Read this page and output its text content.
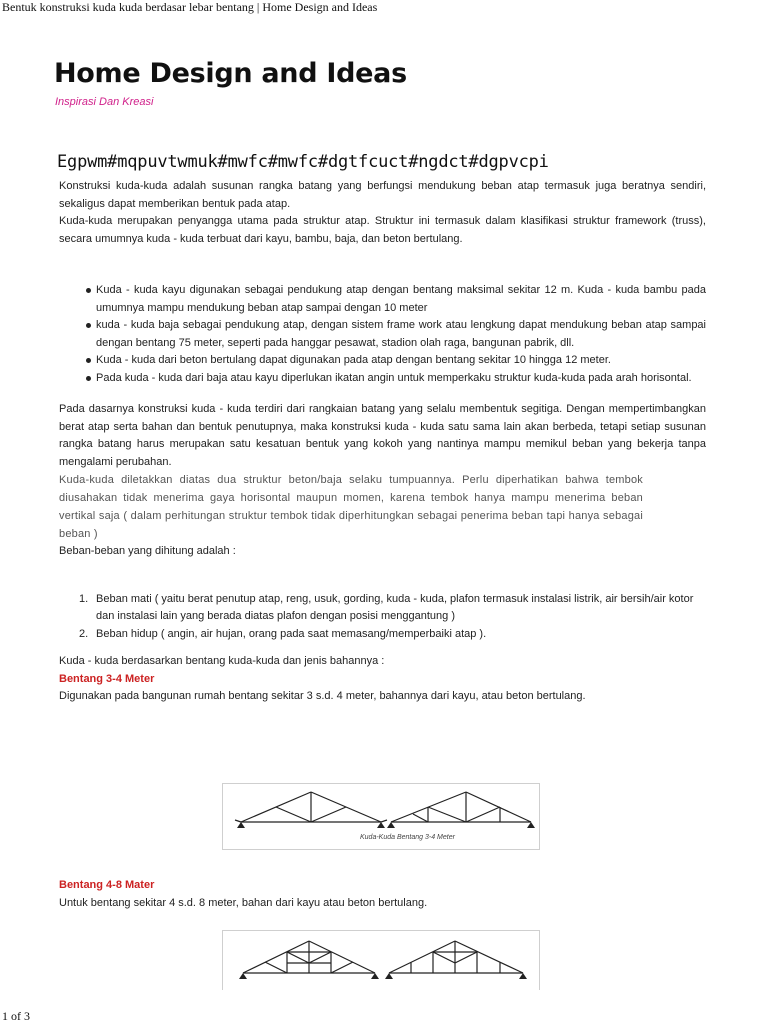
Bentuk konstruksi kuda kuda berdasar lebar bentang | Home Design and Ideas
Home Design and Ideas
Inspirasi Dan Kreasi
Egpwm#mqpuvtwmuk#mwfc#mwfc#dgtfcuct#ngdct#dgpvcpi

Konstruksi kuda-kuda adalah susunan rangka batang yang berfungsi mendukung beban atap termasuk juga beratnya sendiri, sekaligus dapat memberikan bentuk pada atap.

Kuda-kuda merupakan penyangga utama pada struktur atap. Struktur ini termasuk dalam klasifikasi struktur framework (truss), secara umumnya kuda - kuda terbuat dari kayu, bambu, baja, dan beton bertulang.

Kuda - kuda kayu digunakan sebagai pendukung atap dengan bentang maksimal sekitar 12 m. Kuda - kuda bambu pada umumnya mampu mendukung beban atap sampai dengan 10 meter
kuda - kuda baja sebagai pendukung atap, dengan sistem frame work atau lengkung dapat mendukung beban atap sampai dengan bentang 75 meter, seperti pada hanggar pesawat, stadion olah raga, bangunan pabrik, dll.
Kuda - kuda dari beton bertulang dapat digunakan pada atap dengan bentang sekitar 10 hingga 12 meter.
Pada kuda - kuda dari baja atau kayu diperlukan ikatan angin untuk memperkaku struktur kuda-kuda pada arah horisontal.

Pada dasarnya konstruksi kuda - kuda terdiri dari rangkaian batang yang selalu membentuk segitiga. Dengan mempertimbangkan berat atap serta bahan dan bentuk penutupnya, maka konstruksi kuda - kuda satu sama lain akan berbeda, tetapi setiap susunan rangka batang harus merupakan satu kesatuan bentuk yang kokoh yang nantinya mampu memikul beban yang bekerja tanpa mengalami perubahan.

Kuda-kuda diletakkan diatas dua struktur beton/baja selaku tumpuannya. Perlu diperhatikan bahwa tembok diusahakan tidak menerima gaya horisontal maupun momen, karena tembok hanya mampu menerima beban vertikal saja ( dalam perhitungan struktur tembok tidak diperhitungkan sebagai penerima beban tapi hanya sebagai beban )

Beban-beban yang dihitung adalah :

1. Beban mati ( yaitu berat penutup atap, reng, usuk, gording, kuda - kuda, plafon termasuk instalasi listrik, air bersih/air kotor dan instalasi lain yang berada diatas plafon dengan posisi menggantung )
2. Beban hidup ( angin, air hujan, orang pada saat memasang/memperbaiki atap ).

Kuda - kuda berdasarkan bentang kuda-kuda dan jenis bahannya :

Bentang 3-4 Meter

Digunakan pada bangunan rumah bentang sekitar 3 s.d. 4 meter, bahannya dari kayu, atau beton bertulang.

Kuda-Kuda Bentang 3-4 Meter

Bentang 4-8 Mater

Untuk bentang sekitar 4 s.d. 8 meter, bahan dari kayu atau beton bertulang.

1 of 3
